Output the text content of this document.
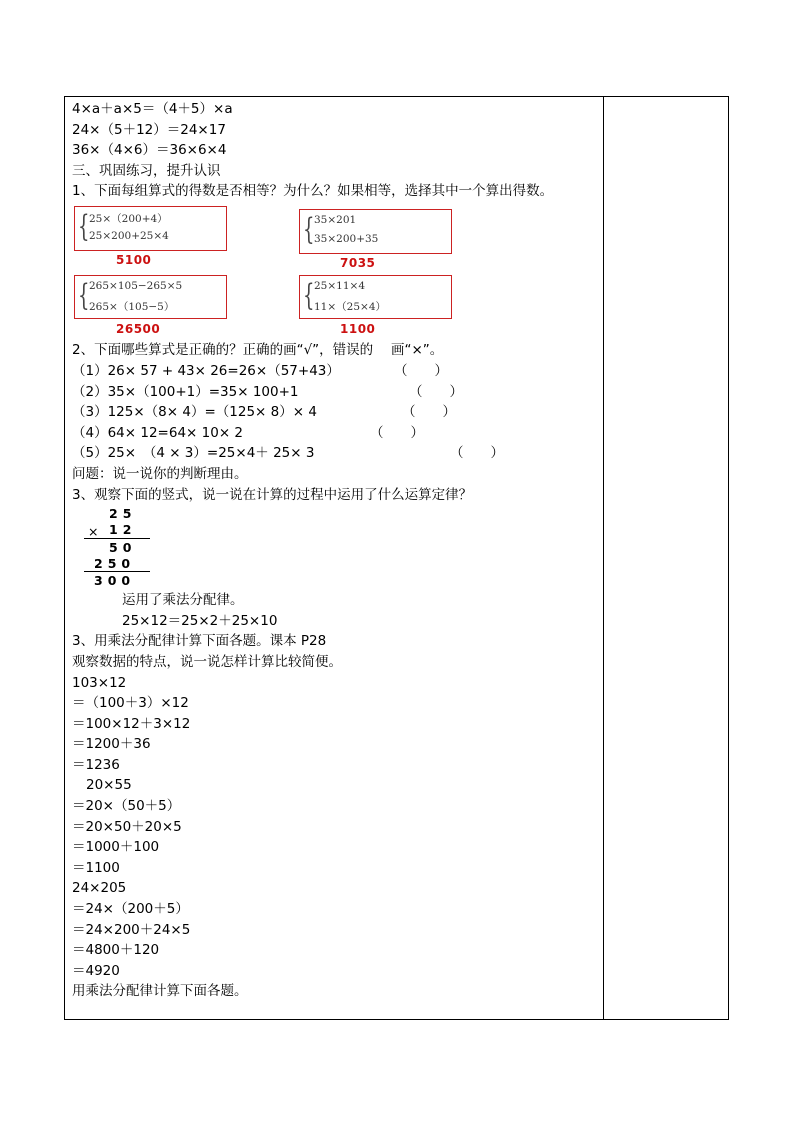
4×a＋a×5＝（4＋5）×a
24×（5＋12）＝24×17
36×（4×6）＝36×6×4
三、巩固练习，提升认识
1、下面每组算式的得数是否相等？为什么？如果相等，选择其中一个算出得数。
{ 25×（200+4）
25×200+25×4
5100
{ 35×201
35×200+35
7035
{ 265×105−265×5
265×（105−5）
26500
{ 25×11×4
11×（25×4）
1100
2、下面哪些算式是正确的？正确的画“√”，错误的　 画“×”。
（1）26× 57 + 43× 26=26×（57+43）	（　　）
（2）35×（100+1）=35× 100+1	（　　）
（3）125×（8× 4）=（125× 8）× 4	（　　）
（4）64× 12=64× 10× 2	（　　）
（5）25×　（4 × 3）=25×4＋ 25× 3	（　　）
问题：说一说你的判断理由。
3、观察下面的竖式，说一说在计算的过程中运用了什么运算定律？
25
× 12
50
250
300
运用了乘法分配律。
25×12＝25×2＋25×10
3、用乘法分配律计算下面各题。课本 P28
观察数据的特点，说一说怎样计算比较简便。
103×12
＝（100＋3）×12
＝100×12＋3×12
＝1200＋36
＝1236
20×55
＝20×（50＋5）
＝20×50＋20×5
＝1000＋100
＝1100
24×205
＝24×（200＋5）
＝24×200＋24×5
＝4800＋120
＝4920
用乘法分配律计算下面各题。
